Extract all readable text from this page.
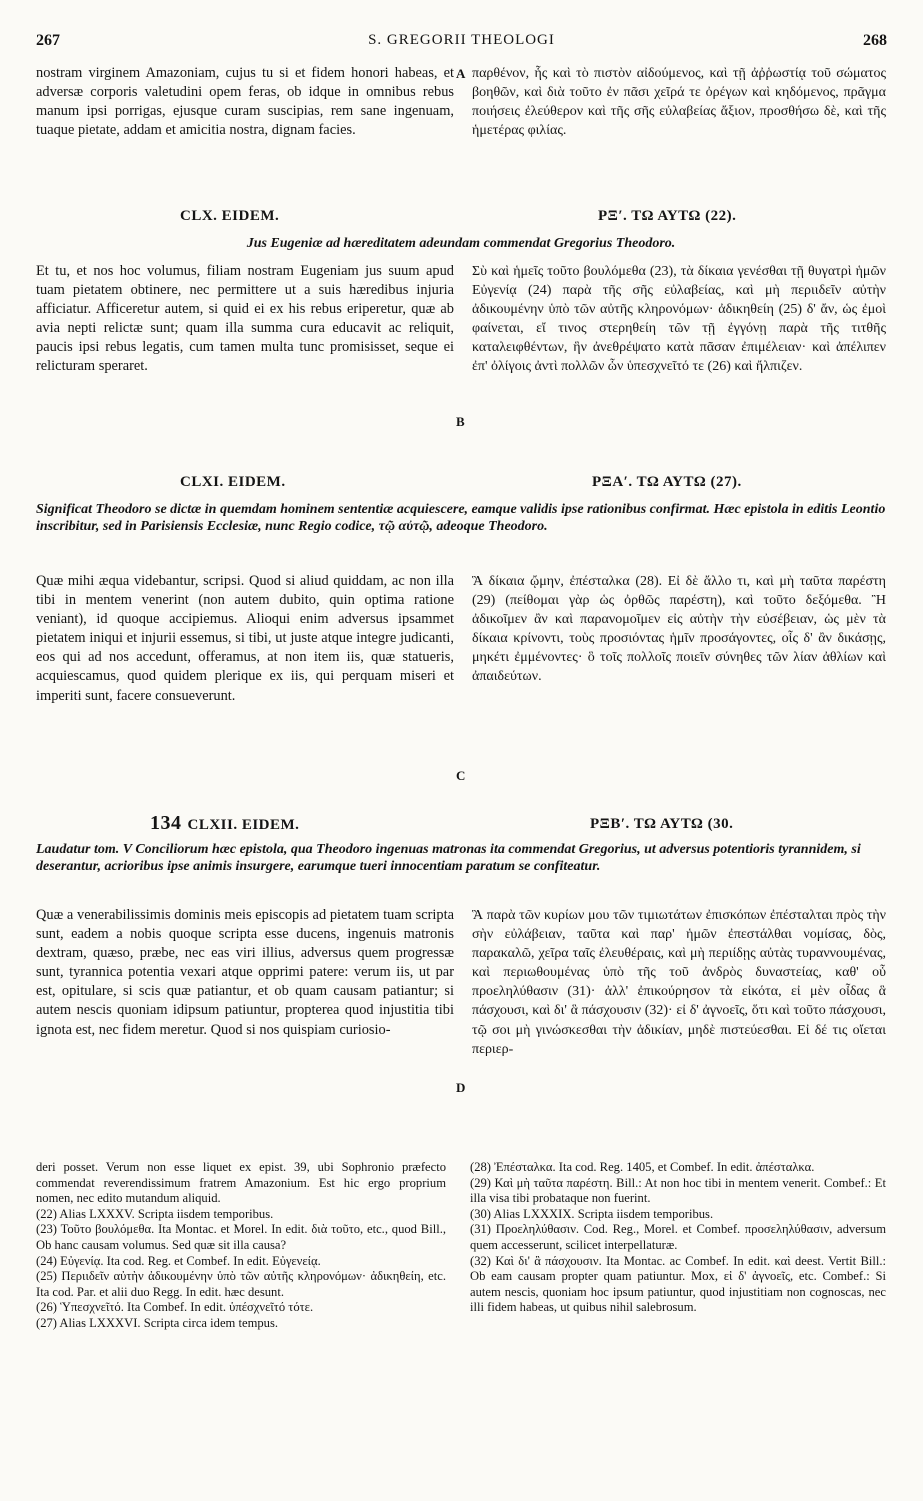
267	S. GREGORII THEOLOGI	268

nostram virginem Amazoniam, cujus tu si et fidem honori habeas, et adversæ corporis valetudini opem feras, ob idque in omnibus rebus manum ipsi porrigas, ejusque curam suscipias, rem sane ingenuam, tuaque pietate, addam et amicitia nostra, dignam facies.

παρθένον, ἧς καὶ τὸ πιστὸν αἰδούμενος, καὶ τῇ ἀῤῥωστίᾳ τοῦ σώματος βοηθῶν, καὶ διὰ τοῦτο ἐν πᾶσι χεῖρά τε ὀρέγων καὶ κηδόμενος, πρᾶγμα ποιήσεις ἐλεύθερον καὶ τῆς σῆς εὐλαβείας ἄξιον, προσθήσω δὲ, καὶ τῆς ἡμετέρας φιλίας.

A
CLX. EIDEM.	ΡΞʹ. ΤΩ ΑΥΤΩ (22).
Jus Eugeniæ ad hæreditatem adeundam commendat Gregorius Theodoro.

Et tu, et nos hoc volumus, filiam nostram Eugeniam jus suum apud tuam pietatem obtinere, nec permittere ut a suis hæredibus injuria afficiatur. Afficeretur autem, si quid ei ex his rebus eriperetur, quæ ab avia nepti relictæ sunt; quam illa summa cura educavit ac reliquit, paucis ipsi rebus legatis, cum tamen multa tunc promisisset, seque ei relicturam speraret.

Σὺ καὶ ἡμεῖς τοῦτο βουλόμεθα (23), τὰ δίκαια γενέσθαι τῇ θυγατρὶ ἡμῶν Εὐγενίᾳ (24) παρὰ τῆς σῆς εὐλαβείας, καὶ μὴ περιιδεῖν αὐτὴν ἀδικουμένην ὑπὸ τῶν αὐτῆς κληρονόμων· ἀδικηθείη (25) δ' ἄν, ὡς ἐμοὶ φαίνεται, εἴ τινος στερηθείη τῶν τῇ ἐγγόνῃ παρὰ τῆς τιτθῆς καταλειφθέντων, ἣν ἀνεθρέψατο κατὰ πᾶσαν ἐπιμέλειαν· καὶ ἀπέλιπεν ἐπ' ὀλίγοις ἀντὶ πολλῶν ὧν ὑπεσχνεῖτό τε (26) καὶ ἤλπιζεν.

B
CLXI. EIDEM.	ΡΞΑʹ. ΤΩ ΑΥΤΩ (27).
Significat Theodoro se dictæ in quemdam hominem sententiæ acquiescere, eamque validis ipse rationibus confirmat. Hæc epistola in editis Leontio inscribitur, sed in Parisiensis Ecclesiæ, nunc Regio codice, τῷ αὐτῷ, adeoque Theodoro.

Quæ mihi æqua videbantur, scripsi. Quod si aliud quiddam, ac non illa tibi in mentem venerint (non autem dubito, quin optima ratione veniant), id quoque accipiemus. Alioqui enim adversus ipsammet pietatem iniqui et injurii essemus, si tibi, ut juste atque integre judicanti, eos qui ad nos accedunt, offeramus, at non item iis, quæ statueris, acquiescamus, quod quidem plerique ex iis, qui perquam miseri et imperiti sunt, facere consueverunt.

Ἃ δίκαια ᾤμην, ἐπέσταλκα (28). Εἰ δὲ ἄλλο τι, καὶ μὴ ταῦτα παρέστη (29) (πείθομαι γὰρ ὡς ὀρθῶς παρέστη), καὶ τοῦτο δεξόμεθα. Ἢ ἀδικοῖμεν ἂν καὶ παρανομοῖμεν εἰς αὐτὴν τὴν εὐσέβειαν, ὡς μὲν τὰ δίκαια κρίνοντι, τοὺς προσιόντας ἡμῖν προσάγοντες, οἷς δ' ἂν δικάσῃς, μηκέτι ἐμμένοντες· ὃ τοῖς πολλοῖς ποιεῖν σύνηθες τῶν λίαν ἀθλίων καὶ ἀπαιδεύτων.

C
134 CLXII. EIDEM.	ΡΞΒʹ. ΤΩ ΑΥΤΩ (30.
Laudatur tom. V Conciliorum hæc epistola, qua Theodoro ingenuas matronas ita commendat Gregorius, ut adversus potentioris tyrannidem, si deserantur, acrioribus ipse animis insurgere, earumque tueri innocentiam paratum se confiteatur.

Quæ a venerabilissimis dominis meis episcopis ad pietatem tuam scripta sunt, eadem a nobis quoque scripta esse ducens, ingenuis matronis dextram, quæso, præbe, nec eas viri illius, adversus quem progressæ sunt, tyrannica potentia vexari atque opprimi patere: verum iis, ut par est, opitulare, si scis quæ patiantur, et ob quam causam patiantur; si autem nescis quoniam idipsum patiuntur, propterea quod injustitia tibi ignota est, nec fidem meretur. Quod si nos quispiam curiosio-

Ἃ παρὰ τῶν κυρίων μου τῶν τιμιωτάτων ἐπισκόπων ἐπέσταλται πρὸς τὴν σὴν εὐλάβειαν, ταῦτα καὶ παρ' ἡμῶν ἐπεστάλθαι νομίσας, δὸς, παρακαλῶ, χεῖρα ταῖς ἐλευθέραις, καὶ μὴ περιίδῃς αὐτὰς τυραννουμένας, καὶ περιωθουμένας ὑπὸ τῆς τοῦ ἀνδρὸς δυναστείας, καθ' οὗ προεληλύθασιν (31)· ἀλλ' ἐπικούρησον τὰ εἰκότα, εἰ μὲν οἶδας ἃ πάσχουσι, καὶ δι' ἃ πάσχουσιν (32)· εἰ δ' ἀγνοεῖς, ὅτι καὶ τοῦτο πάσχουσι, τῷ σοι μὴ γινώσκεσθαι τὴν ἀδικίαν, μηδὲ πιστεύεσθαι. Εἰ δέ τις οἴεται περιερ-

D

deri posset. Verum non esse liquet ex epist. 39, ubi Sophronio præfecto commendat reverendissimum fratrem Amazonium. Est hic ergo proprium nomen, nec edito mutandum aliquid.

(22) Alias LXXXV. Scripta iisdem temporibus.

(23) Τοῦτο βουλόμεθα. Ita Montac. et Morel. In edit. διὰ τοῦτο, etc., quod Bill., Ob hanc causam volumus. Sed quæ sit illa causa?

(24) Εὐγενίᾳ. Ita cod. Reg. et Combef. In edit. Εὐγενείᾳ.

(25) Περιιδεῖν αὐτὴν ἀδικουμένην ὑπὸ τῶν αὐτῆς κληρονόμων· ἀδικηθείη, etc. Ita cod. Par. et alii duo Regg. In edit. hæc desunt.

(26) Ὑπεσχνεῖτό. Ita Combef. In edit. ὑπέσχνεῖτό τότε.

(27) Alias LXXXVI. Scripta circa idem tempus.

(28) Ἐπέσταλκα. Ita cod. Reg. 1405, et Combef. In edit. ἀπέσταλκα.

(29) Καὶ μὴ ταῦτα παρέστη. Bill.: At non hoc tibi in mentem venerit. Combef.: Et illa visa tibi probataque non fuerint.

(30) Alias LXXXIX. Scripta iisdem temporibus.

(31) Προεληλύθασιν. Cod. Reg., Morel. et Combef. προσεληλύθασιν, adversum quem accesserunt, scilicet interpellaturæ.

(32) Καὶ δι' ἃ πάσχουσιν. Ita Montac. ac Combef. In edit. καὶ deest. Vertit Bill.: Ob eam causam propter quam patiuntur. Mox, εἰ δ' ἀγνοεῖς, etc. Combef.: Si autem nescis, quoniam hoc ipsum patiuntur, quod injustitiam non cognoscas, nec illi fidem habeas, ut quibus nihil salebrosum.
